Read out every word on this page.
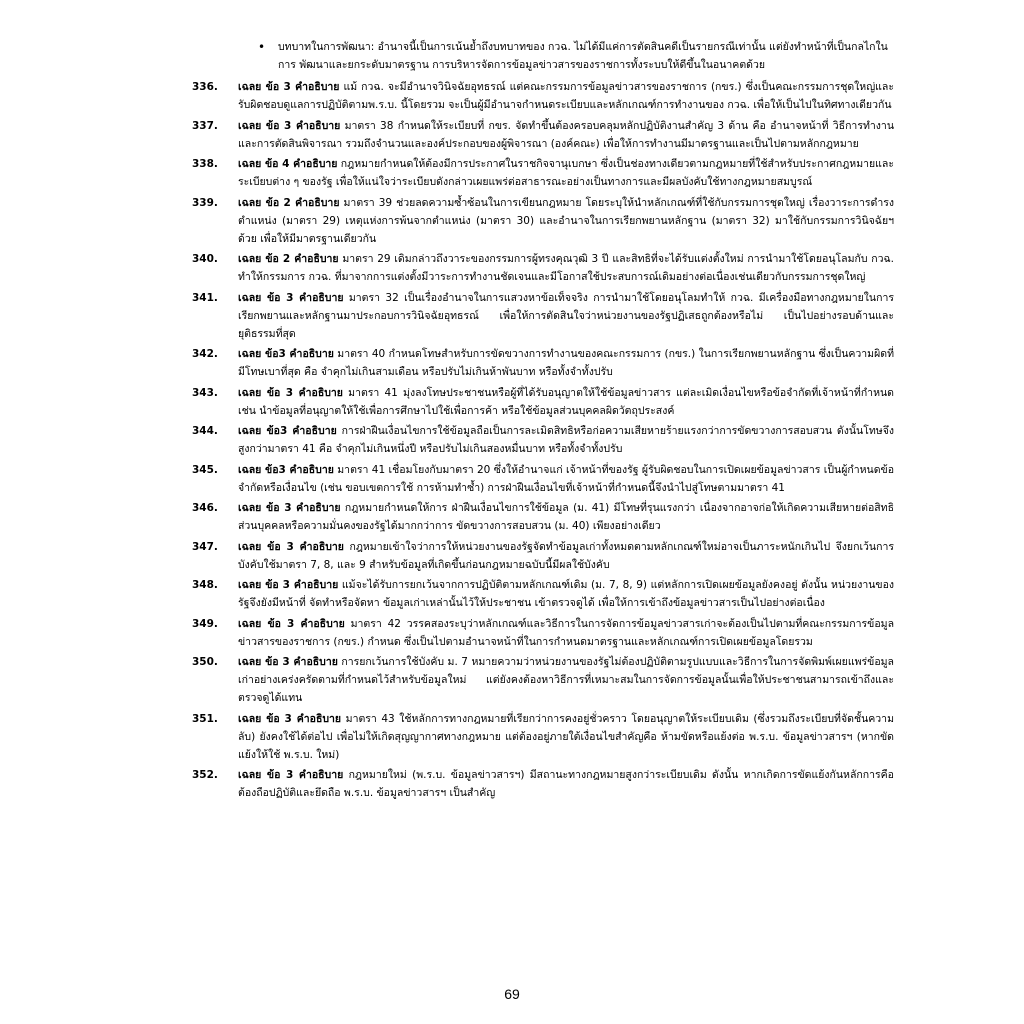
• บทบาทในการพัฒนา: อำนาจนี้เป็นการเน้นย้ำถึงบทบาทของ กวฉ. ไม่ได้มีแค่การตัดสินคดีเป็นรายกรณีเท่านั้น แต่ยังทำหน้าที่เป็นกลไกในการ พัฒนาและยกระดับมาตรฐาน การบริหารจัดการข้อมูลข่าวสารของราชการทั้งระบบให้ดีขึ้นในอนาคตด้วย
336.	เฉลย ข้อ 3 คำอธิบาย แม้ กวฉ. จะมีอำนาจวินิจฉัยอุทธรณ์ แต่คณะกรรมการข้อมูลข่าวสารของราชการ (กขร.) ซึ่งเป็นคณะกรรมการชุดใหญ่และรับผิดชอบดูแลการปฏิบัติตามพ.ร.บ. นี้โดยรวม จะเป็นผู้มีอำนาจกำหนดระเบียบและหลักเกณฑ์การทำงานของ กวฉ. เพื่อให้เป็นไปในทิศทางเดียวกัน
337.	เฉลย ข้อ 3 คำอธิบาย มาตรา 38 กำหนดให้ระเบียบที่ กขร. จัดทำขึ้นต้องครอบคลุมหลักปฏิบัติงานสำคัญ 3 ด้าน คือ อำนาจหน้าที่ วิธีการทำงานและการตัดสินพิจารณา รวมถึงจำนวนและองค์ประกอบของผู้พิจารณา (องค์คณะ) เพื่อให้การทำงานมีมาตรฐานและเป็นไปตามหลักกฎหมาย
338.	เฉลย ข้อ 4 คำอธิบาย กฎหมายกำหนดให้ต้องมีการประกาศในราชกิจจานุเบกษา ซึ่งเป็นช่องทางเดียวตามกฎหมายที่ใช้สำหรับประกาศกฎหมายและระเบียบต่าง ๆ ของรัฐ เพื่อให้แน่ใจว่าระเบียบดังกล่าวเผยแพร่ต่อสาธารณะอย่างเป็นทางการและมีผลบังคับใช้ทางกฎหมายสมบูรณ์
339.	เฉลย ข้อ 2 คำอธิบาย มาตรา 39 ช่วยลดความซ้ำซ้อนในการเขียนกฎหมาย โดยระบุให้นำหลักเกณฑ์ที่ใช้กับกรรมการชุดใหญ่ เรื่องวาระการดำรงตำแหน่ง (มาตรา 29) เหตุแห่งการพ้นจากตำแหน่ง (มาตรา 30) และอำนาจในการเรียกพยานหลักฐาน (มาตรา 32) มาใช้กับกรรมการวินิจฉัยฯ ด้วย เพื่อให้มีมาตรฐานเดียวกัน
340.	เฉลย ข้อ 2 คำอธิบาย มาตรา 29 เดิมกล่าวถึงวาระของกรรมการผู้ทรงคุณวุฒิ 3 ปี และสิทธิที่จะได้รับแต่งตั้งใหม่ การนำมาใช้โดยอนุโลมกับ กวฉ. ทำให้กรรมการ กวฉ. ที่มาจากการแต่งตั้งมีวาระการทำงานชัดเจนและมีโอกาสใช้ประสบการณ์เดิมอย่างต่อเนื่องเช่นเดียวกับกรรมการชุดใหญ่
341.	เฉลย ข้อ 3 คำอธิบาย มาตรา 32 เป็นเรื่องอำนาจในการแสวงหาข้อเท็จจริง การนำมาใช้โดยอนุโลมทำให้ กวฉ. มีเครื่องมือทางกฎหมายในการเรียกพยานและหลักฐานมาประกอบการวินิจฉัยอุทธรณ์ เพื่อให้การตัดสินใจว่าหน่วยงานของรัฐปฏิเสธถูกต้องหรือไม่ เป็นไปอย่างรอบด้านและยุติธรรมที่สุด
342.	เฉลย ข้อ3 คำอธิบาย มาตรา 40 กำหนดโทษสำหรับการขัดขวางการทำงานของคณะกรรมการ (กขร.) ในการเรียกพยานหลักฐาน ซึ่งเป็นความผิดที่มีโทษเบาที่สุด คือ จำคุกไม่เกินสามเดือน หรือปรับไม่เกินห้าพันบาท หรือทั้งจำทั้งปรับ
343.	เฉลย ข้อ 3 คำอธิบาย มาตรา 41 มุ่งลงโทษประชาชนหรือผู้ที่ได้รับอนุญาตให้ใช้ข้อมูลข่าวสาร แต่ละเมิดเงื่อนไขหรือข้อจำกัดที่เจ้าหน้าที่กำหนด เช่น นำข้อมูลที่อนุญาตให้ใช้เพื่อการศึกษาไปใช้เพื่อการค้า หรือใช้ข้อมูลส่วนบุคคลผิดวัตถุประสงค์
344.	เฉลย ข้อ3 คำอธิบาย การฝ่าฝืนเงื่อนไขการใช้ข้อมูลถือเป็นการละเมิดสิทธิหรือก่อความเสียหายร้ายแรงกว่าการขัดขวางการสอบสวน ดังนั้นโทษจึงสูงกว่ามาตรา 41 คือ จำคุกไม่เกินหนึ่งปี หรือปรับไม่เกินสองหมื่นบาท หรือทั้งจำทั้งปรับ
345.	เฉลย ข้อ3 คำอธิบาย มาตรา 41 เชื่อมโยงกับมาตรา 20 ซึ่งให้อำนาจแก่ เจ้าหน้าที่ของรัฐ ผู้รับผิดชอบในการเปิดเผยข้อมูลข่าวสาร เป็นผู้กำหนดข้อจำกัดหรือเงื่อนไข (เช่น ขอบเขตการใช้ การห้ามทำซ้ำ) การฝ่าฝืนเงื่อนไขที่เจ้าหน้าที่กำหนดนี้จึงนำไปสู่โทษตามมาตรา 41
346.	เฉลย ข้อ 3 คำอธิบาย กฎหมายกำหนดให้การ ฝ่าฝืนเงื่อนไขการใช้ข้อมูล (ม. 41) มีโทษที่รุนแรงกว่า เนื่องจากอาจก่อให้เกิดความเสียหายต่อสิทธิส่วนบุคคลหรือความมั่นคงของรัฐได้มากกว่าการ ขัดขวางการสอบสวน (ม. 40) เพียงอย่างเดียว
347.	เฉลย ข้อ 3 คำอธิบาย กฎหมายเข้าใจว่าการให้หน่วยงานของรัฐจัดทำข้อมูลเก่าทั้งหมดตามหลักเกณฑ์ใหม่อาจเป็นภาระหนักเกินไป จึงยกเว้นการบังคับใช้มาตรา 7, 8, และ 9 สำหรับข้อมูลที่เกิดขึ้นก่อนกฎหมายฉบับนี้มีผลใช้บังคับ
348.	เฉลย ข้อ 3 คำอธิบาย แม้จะได้รับการยกเว้นจากการปฏิบัติตามหลักเกณฑ์เดิม (ม. 7, 8, 9) แต่หลักการเปิดเผยข้อมูลยังคงอยู่ ดังนั้น หน่วยงานของรัฐจึงยังมีหน้าที่ จัดทำหรือจัดหา ข้อมูลเก่าเหล่านั้นไว้ให้ประชาชน เข้าตรวจดูได้ เพื่อให้การเข้าถึงข้อมูลข่าวสารเป็นไปอย่างต่อเนื่อง
349.	เฉลย ข้อ 3 คำอธิบาย มาตรา 42 วรรคสองระบุว่าหลักเกณฑ์และวิธีการในการจัดการข้อมูลข่าวสารเก่าจะต้องเป็นไปตามที่คณะกรรมการข้อมูลข่าวสารของราชการ (กขร.) กำหนด ซึ่งเป็นไปตามอำนาจหน้าที่ในการกำหนดมาตรฐานและหลักเกณฑ์การเปิดเผยข้อมูลโดยรวม
350.	เฉลย ข้อ 3 คำอธิบาย การยกเว้นการใช้บังคับ ม. 7 หมายความว่าหน่วยงานของรัฐไม่ต้องปฏิบัติตามรูปแบบและวิธีการในการจัดพิมพ์เผยแพร่ข้อมูลเก่าอย่างเคร่งครัดตามที่กำหนดไว้สำหรับข้อมูลใหม่ แต่ยังคงต้องหาวิธีการที่เหมาะสมในการจัดการข้อมูลนั้นเพื่อให้ประชาชนสามารถเข้าถึงและตรวจดูได้แทน
351.	เฉลย ข้อ 3 คำอธิบาย มาตรา 43 ใช้หลักการทางกฎหมายที่เรียกว่าการคงอยู่ชั่วคราว โดยอนุญาตให้ระเบียบเดิม (ซึ่งรวมถึงระเบียบที่จัดชั้นความลับ) ยังคงใช้ได้ต่อไป เพื่อไม่ให้เกิดสุญญากาศทางกฎหมาย แต่ต้องอยู่ภายใต้เงื่อนไขสำคัญคือ ห้ามขัดหรือแย้งต่อ พ.ร.บ. ข้อมูลข่าวสารฯ (หากขัดแย้งให้ใช้ พ.ร.บ. ใหม่)
352.	เฉลย ข้อ 3 คำอธิบาย กฎหมายใหม่ (พ.ร.บ. ข้อมูลข่าวสารฯ) มีสถานะทางกฎหมายสูงกว่าระเบียบเดิม ดังนั้น หากเกิดการขัดแย้งกันหลักการคือต้องถือปฏิบัติและยึดถือ พ.ร.บ. ข้อมูลข่าวสารฯ เป็นสำคัญ
69
